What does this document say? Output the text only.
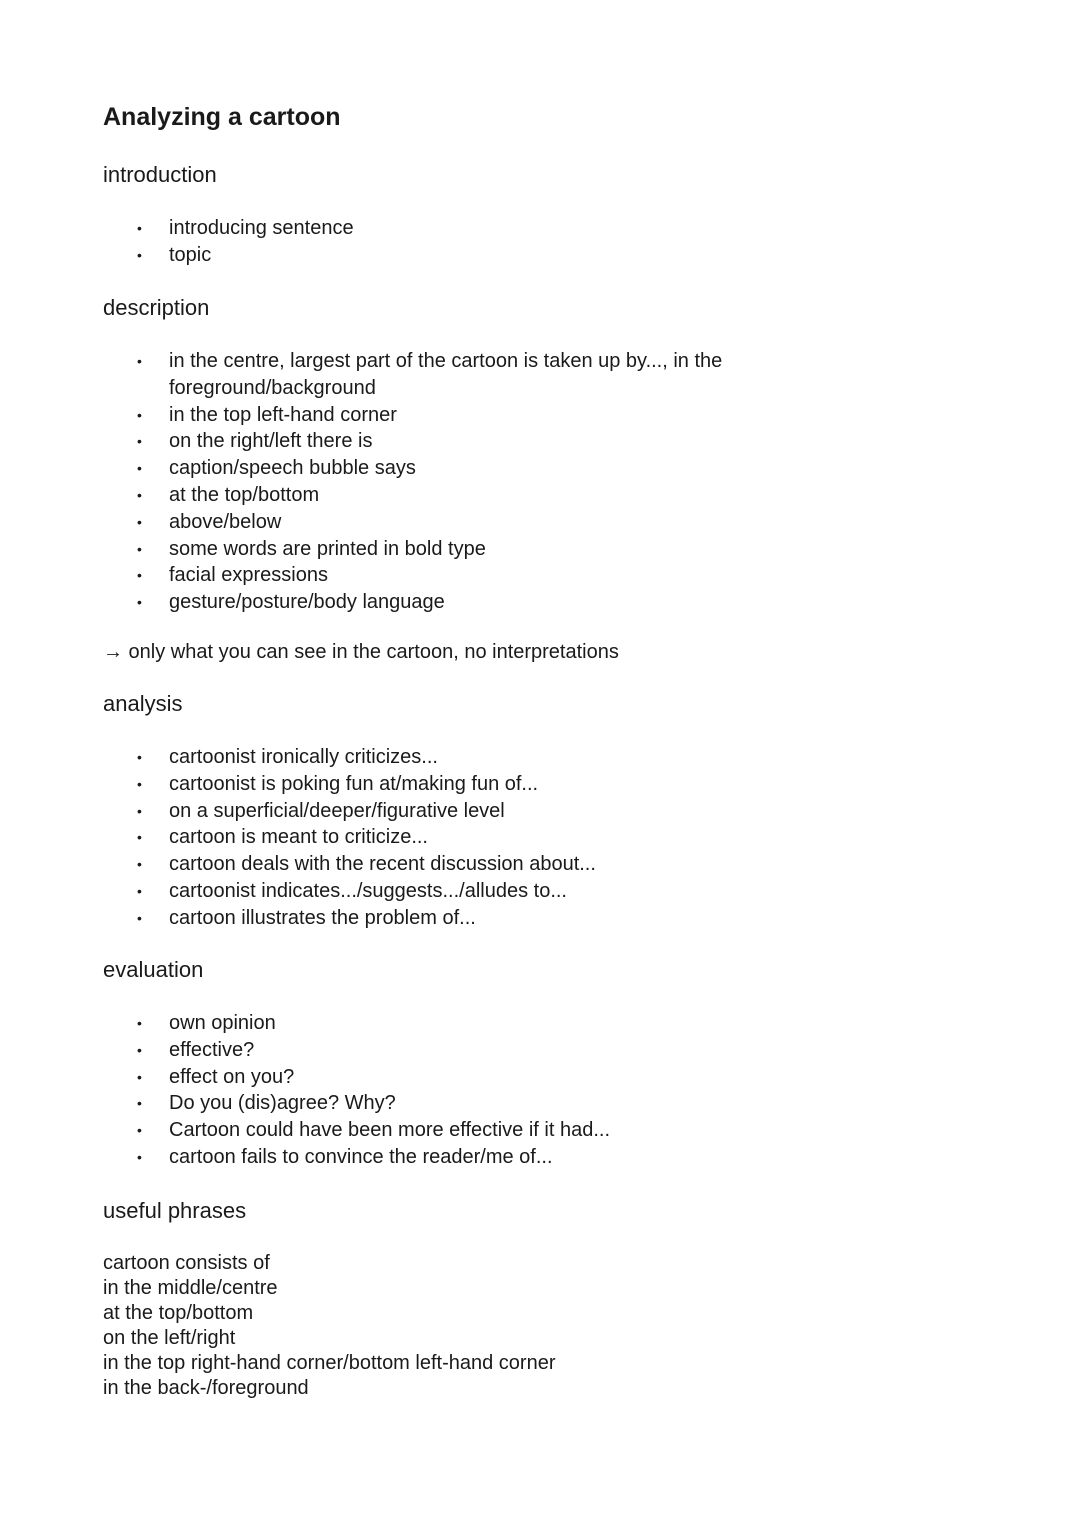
Analyzing a cartoon
introduction
• introducing sentence
• topic
description
• in the centre, largest part of the cartoon is taken up by..., in the foreground/background
• in the top left-hand corner
• on the right/left there is
• caption/speech bubble says
• at the top/bottom
• above/below
• some words are printed in bold type
• facial expressions
• gesture/posture/body language
→ only what you can see in the cartoon, no interpretations
analysis
• cartoonist ironically criticizes...
• cartoonist is poking fun at/making fun of...
• on a superficial/deeper/figurative level
• cartoon is meant to criticize...
• cartoon deals with the recent discussion about...
• cartoonist indicates.../suggests.../alludes to...
• cartoon illustrates the problem of...
evaluation
• own opinion
• effective?
• effect on you?
• Do you (dis)agree? Why?
• Cartoon could have been more effective if it had...
• cartoon fails to convince the reader/me of...
useful phrases
cartoon consists of
in the middle/centre
at the top/bottom
on the left/right
in the top right-hand corner/bottom left-hand corner
in the back-/foreground
